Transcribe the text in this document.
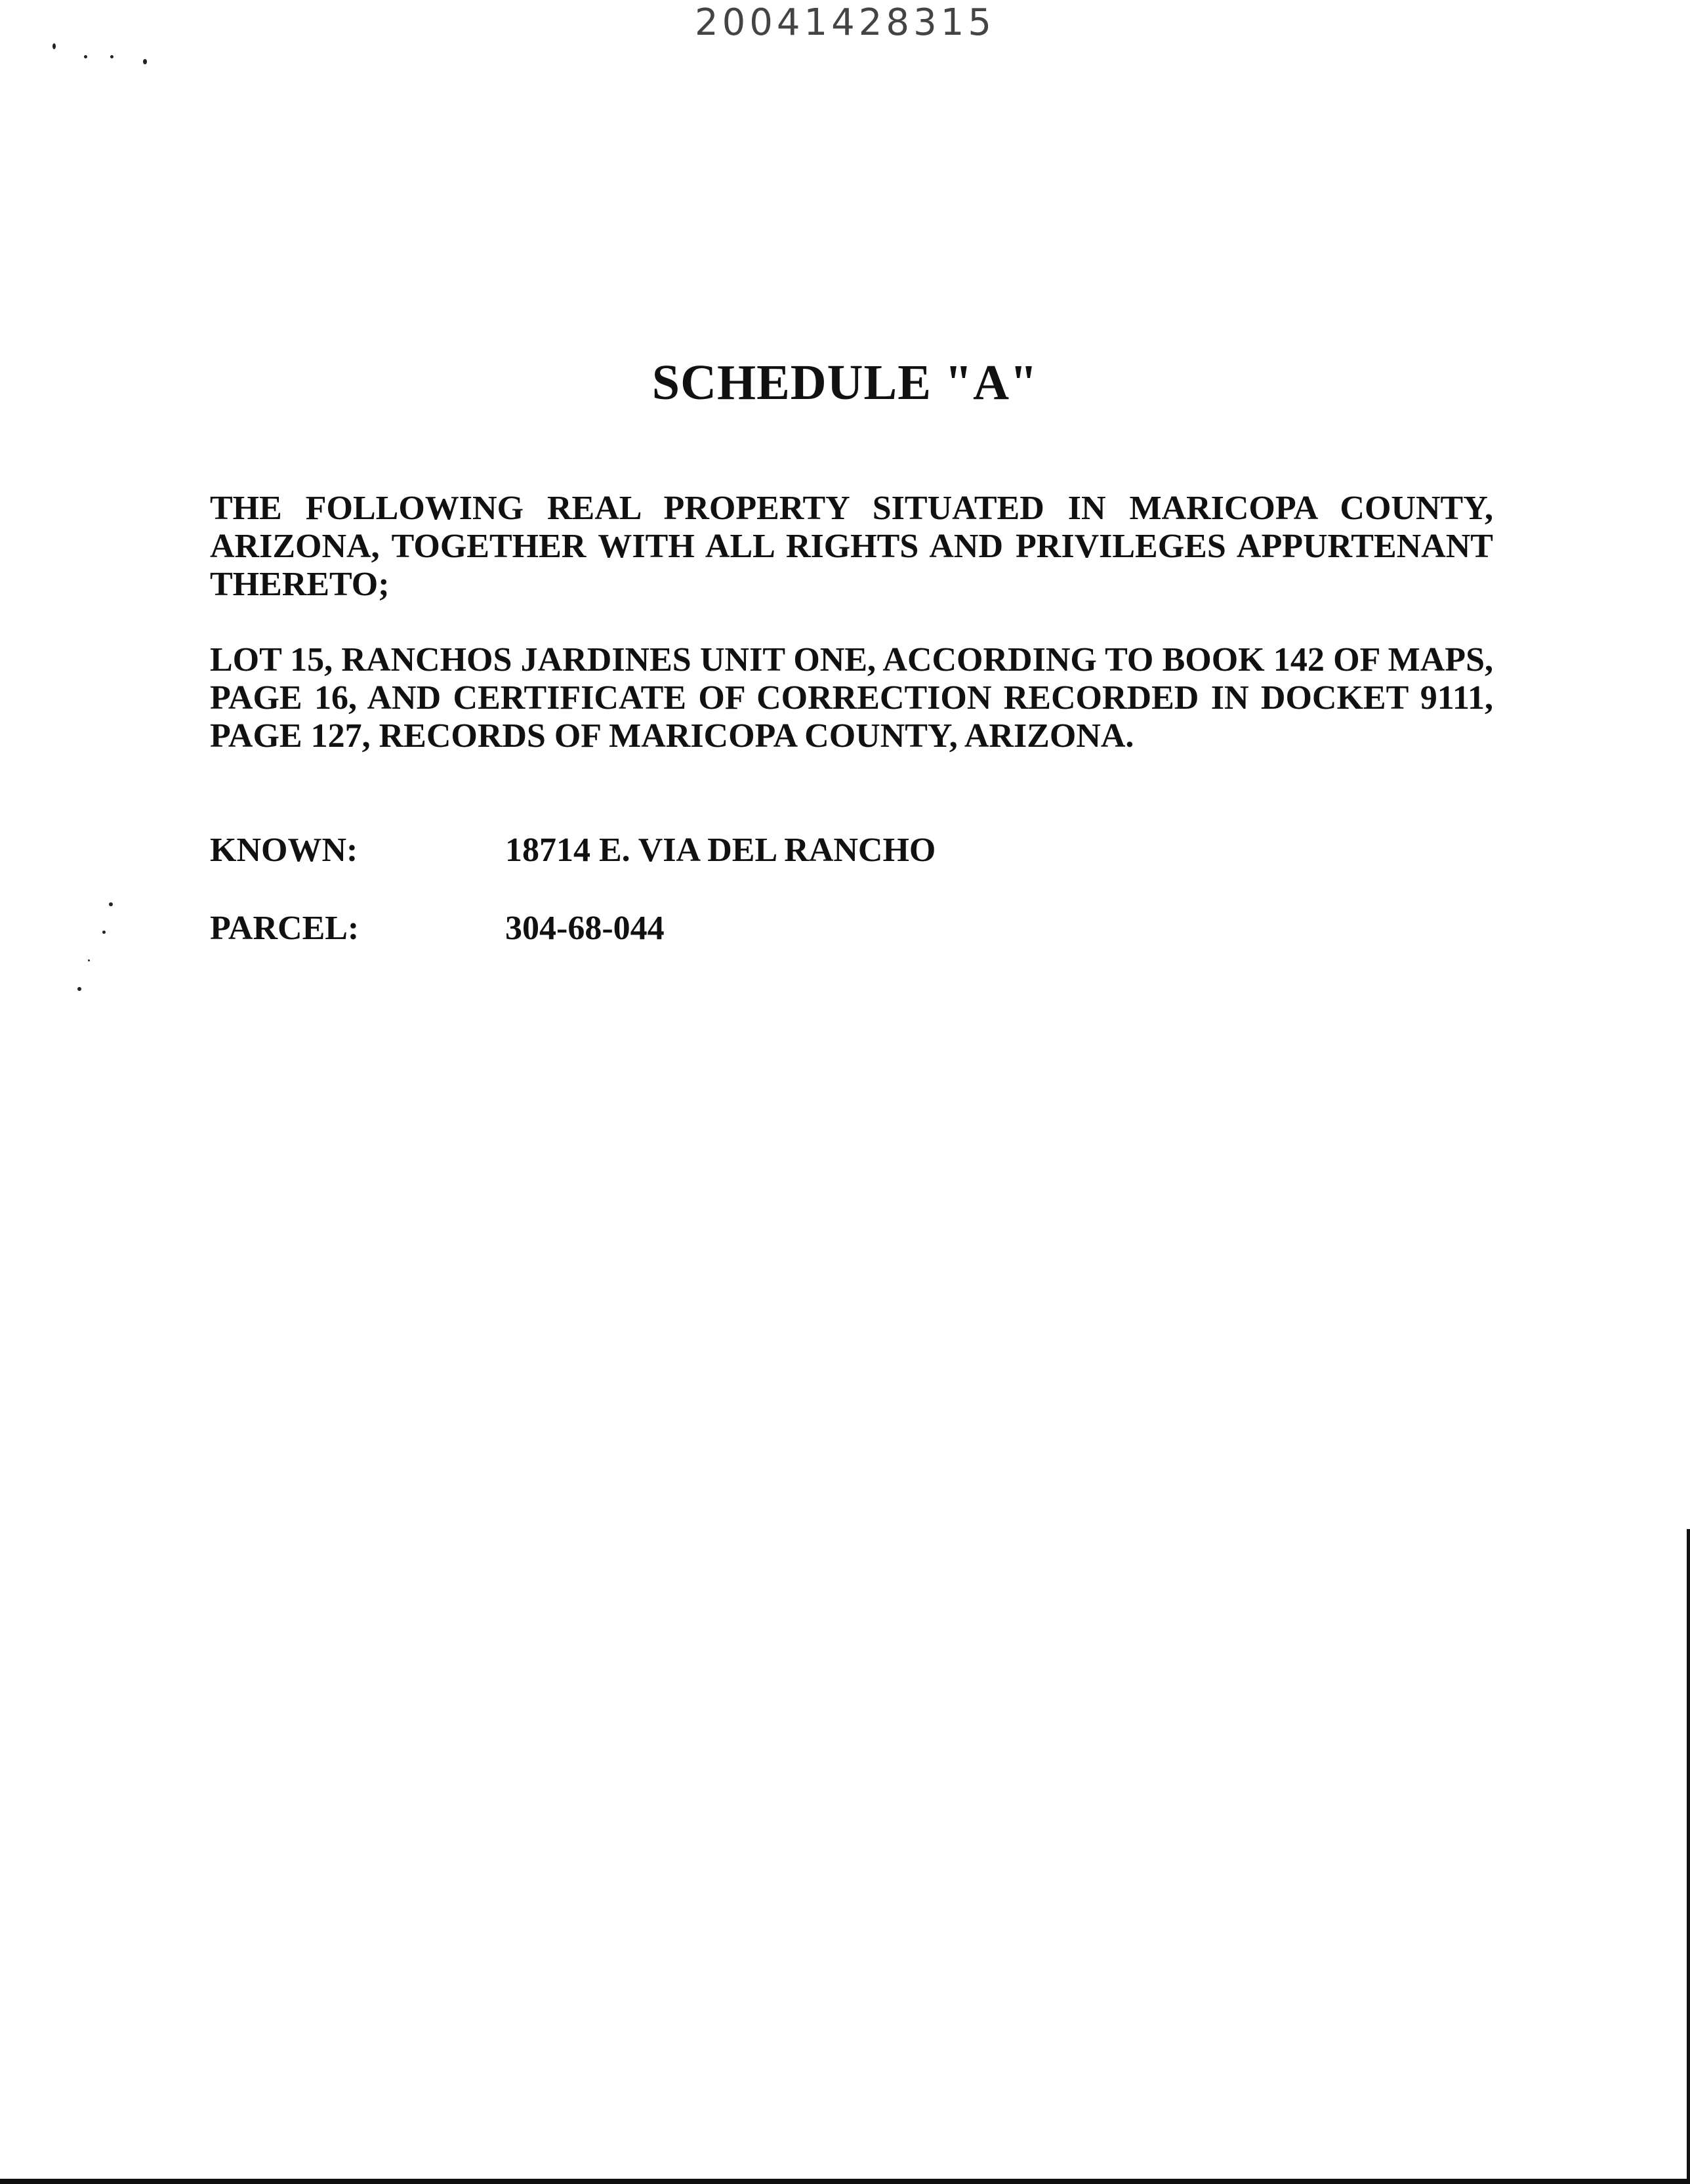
20041428315
SCHEDULE "A"
THE FOLLOWING REAL PROPERTY SITUATED IN MARICOPA COUNTY, ARIZONA, TOGETHER WITH ALL RIGHTS AND PRIVILEGES APPURTENANT THERETO;
LOT 15, RANCHOS JARDINES UNIT ONE, ACCORDING TO BOOK 142 OF MAPS, PAGE 16, AND CERTIFICATE OF CORRECTION RECORDED IN DOCKET 9111, PAGE 127, RECORDS OF MARICOPA COUNTY, ARIZONA.
KNOWN:	18714 E. VIA DEL RANCHO
PARCEL:	304-68-044
